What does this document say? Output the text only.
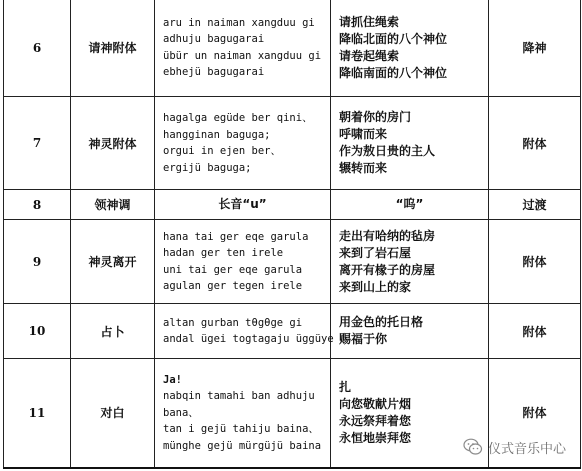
6	请神附体	aru in naiman xangduu gi
adhuju bagugarai
übür un naiman xangduu gi
ebhejü bagugarai	请抓住绳索
降临北面的八个神位
请卷起绳索
降临南面的八个神位	降神
7	神灵附体	hagalga egüde ber qini、
hangginan baguga;
orgui in ejen ber、
ergijü baguga;	朝着你的房门
呼啸而来
作为敖日贵的主人
辗转而来	附体
8	领神调	长音“u”	“呜”	过渡
9	神灵离开	hana tai ger eqe garula
hadan ger ten irele
uni tai ger eqe garula
agulan ger tegen irele	走出有哈纳的毡房
来到了岩石屋
离开有椽子的房屋
来到山上的家	附体
10	占卜	altan gurban tθgθge gi
andal ügei togtagaju üggüye	用金色的托日格
赐福于你	附体
11	对白	Ja!
nabqin tamahi ban adhuju
bana、
tan i gejü tahiju baina、
münghe gejü mürgüjü baina	扎
向您敬献片烟
永远祭拜着您
永恒地崇拜您	附体
仪式音乐中心
